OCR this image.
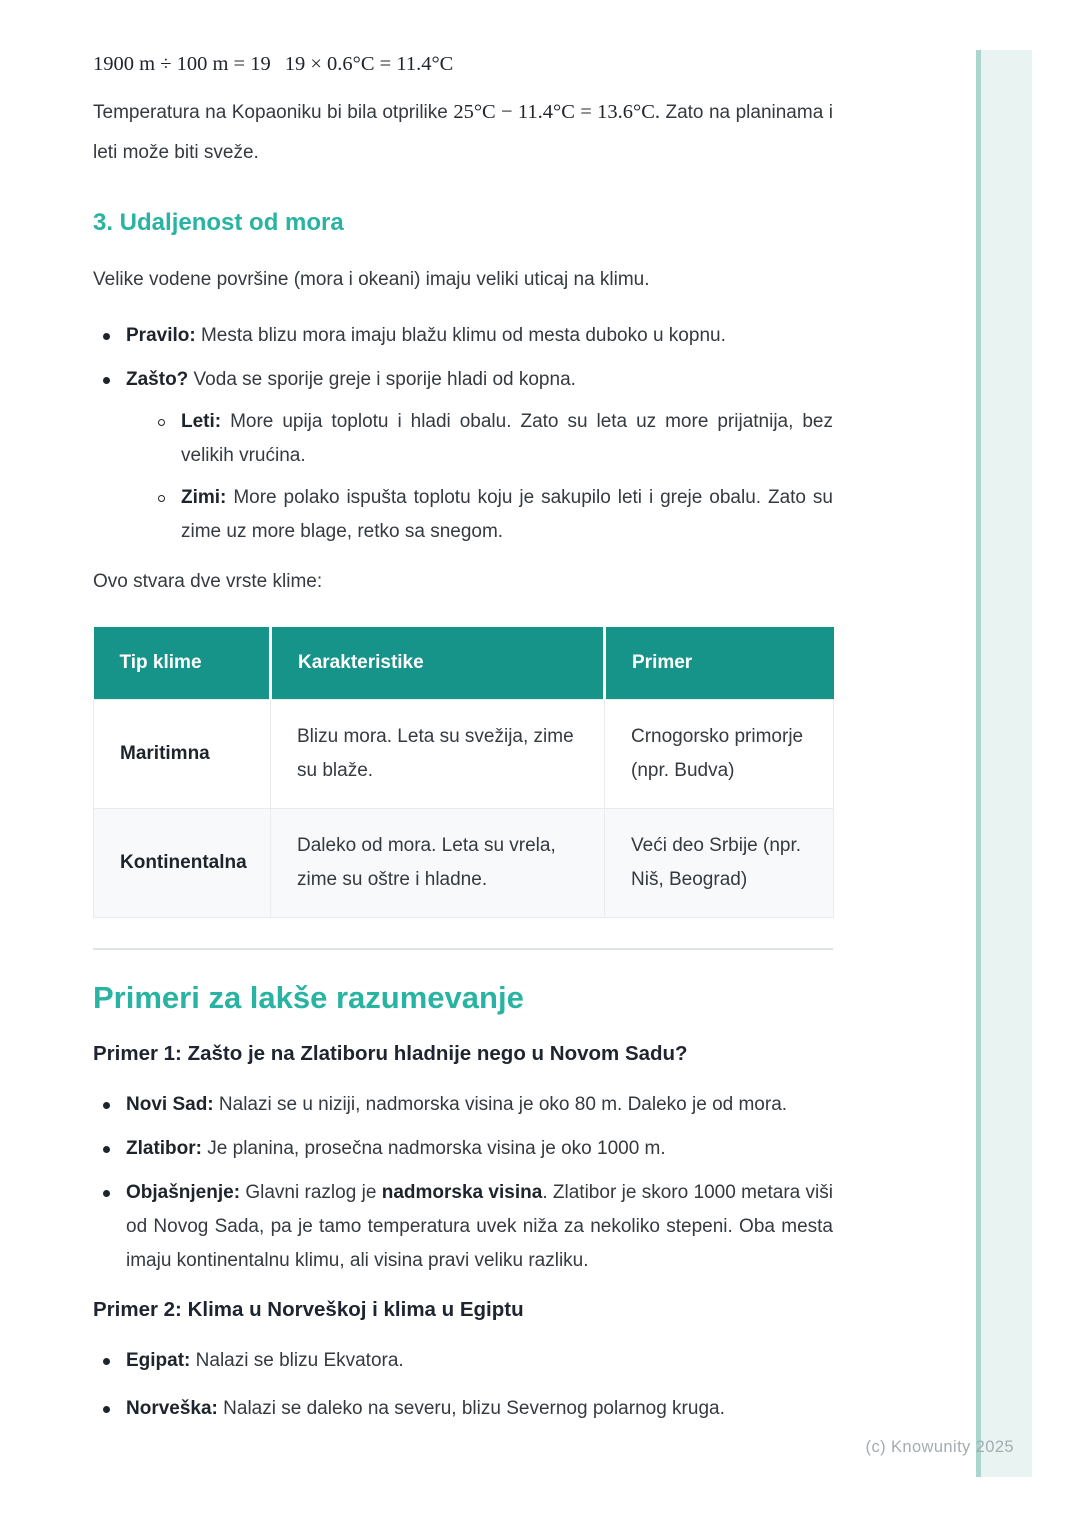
(c) Knowunity 2025

1900 m ÷ 100 m = 19 19 × 0.6°C = 11.4°C

Temperatura na Kopaoniku bi bila otprilike 25°C − 11.4°C = 13.6°C. Zato na planinama i leti može biti sveže.

3. Udaljenost od mora

Velike vodene površine (mora i okeani) imaju veliki uticaj na klimu.

Pravilo: Mesta blizu mora imaju blažu klimu od mesta duboko u kopnu.
Zašto? Voda se sporije greje i sporije hladi od kopna.
Leti: More upija toplotu i hladi obalu. Zato su leta uz more prijatnija, bez velikih vrućina.
Zimi: More polako ispušta toplotu koju je sakupilo leti i greje obalu. Zato su zime uz more blage, retko sa snegom.

Ovo stvara dve vrste klime:

Tip klime	Karakteristike	Primer
Maritimna	Blizu mora. Leta su svežija, zime su blaže.	Crnogorsko primorje (npr. Budva)
Kontinentalna	Daleko od mora. Leta su vrela, zime su oštre i hladne.	Veći deo Srbije (npr. Niš, Beograd)
Primeri za lakše razumevanje

Primer 1: Zašto je na Zlatiboru hladnije nego u Novom Sadu?

Novi Sad: Nalazi se u niziji, nadmorska visina je oko 80 m. Daleko je od mora.
Zlatibor: Je planina, prosečna nadmorska visina je oko 1000 m.
Objašnjenje: Glavni razlog je nadmorska visina. Zlatibor je skoro 1000 metara viši od Novog Sada, pa je tamo temperatura uvek niža za nekoliko stepeni. Oba mesta imaju kontinentalnu klimu, ali visina pravi veliku razliku.

Primer 2: Klima u Norveškoj i klima u Egiptu

Egipat: Nalazi se blizu Ekvatora.
Norveška: Nalazi se daleko na severu, blizu Severnog polarnog kruga.
